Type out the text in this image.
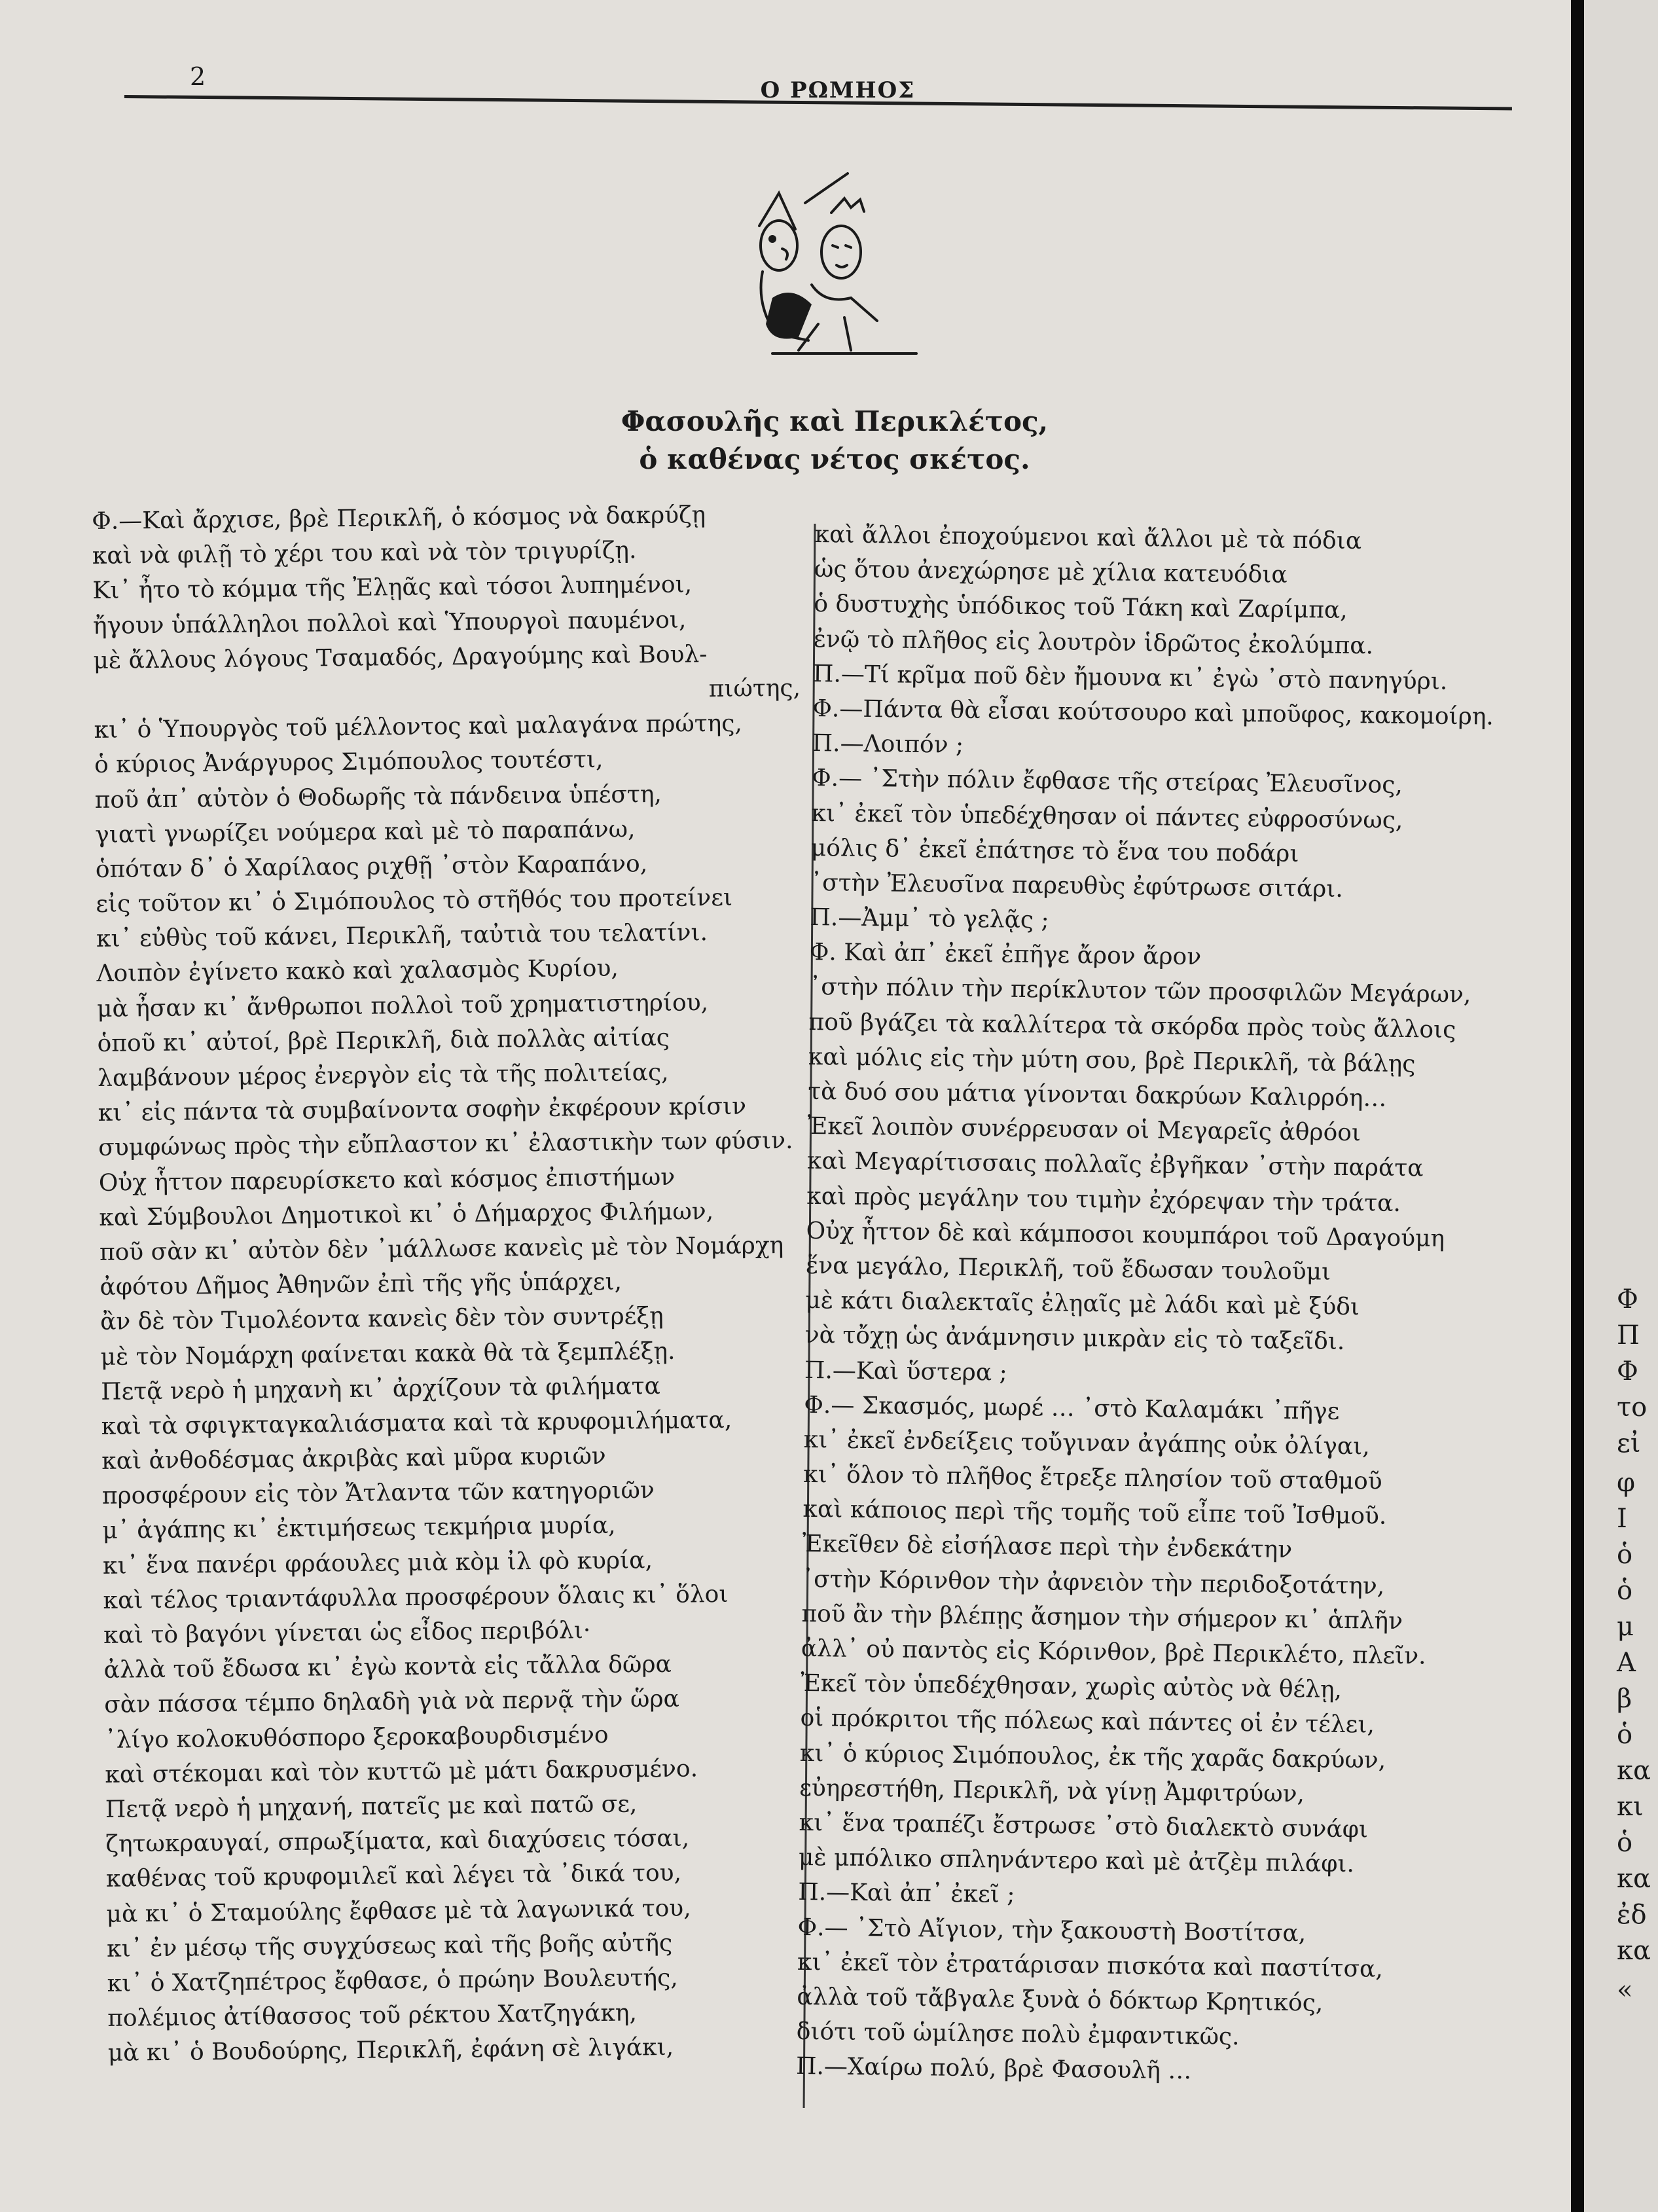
2	Ο ΡΩΜΗΟΣ
Φασουλῆς καὶ Περικλέτος,
ὁ καθένας νέτος σκέτος.
Φ.—Καὶ ἄρχισε, βρὲ Περικλῆ, ὁ κόσμος νὰ δακρύζῃ
καὶ νὰ φιλῇ τὸ χέρι του καὶ νὰ τὸν τριγυρίζῃ.
Κι᾽ ἦτο τὸ κόμμα τῆς Ἐλῃᾶς καὶ τόσοι λυπημένοι,
ἤγουν ὑπάλληλοι πολλοὶ καὶ Ὑπουργοὶ παυμένοι,
μὲ ἄλλους λόγους Τσαμαδός, Δραγούμης καὶ Βουλ-
πιώτης,
κι᾽ ὁ Ὑπουργὸς τοῦ μέλλοντος καὶ μαλαγάνα πρώτης,
ὁ κύριος Ἀνάργυρος Σιμόπουλος τουτέστι,
ποῦ ἀπ᾽ αὐτὸν ὁ Θοδωρῆς τὰ πάνδεινα ὑπέστη,
γιατὶ γνωρίζει νούμερα καὶ μὲ τὸ παραπάνω,
ὁπόταν δ᾽ ὁ Χαρίλαος ριχθῇ ᾽στὸν Καραπάνο,
εἰς τοῦτον κι᾽ ὁ Σιμόπουλος τὸ στῆθός του προτείνει
κι᾽ εὐθὺς τοῦ κάνει, Περικλῆ, ταὐτιὰ του τελατίνι.
Λοιπὸν ἐγίνετο κακὸ καὶ χαλασμὸς Κυρίου,
μὰ ἦσαν κι᾽ ἄνθρωποι πολλοὶ τοῦ χρηματιστηρίου,
ὁποῦ κι᾽ αὐτοί, βρὲ Περικλῆ, διὰ πολλὰς αἰτίας
λαμβάνουν μέρος ἐνεργὸν εἰς τὰ τῆς πολιτείας,
κι᾽ εἰς πάντα τὰ συμβαίνοντα σοφὴν ἐκφέρουν κρίσιν
συμφώνως πρὸς τὴν εὔπλαστον κι᾽ ἐλαστικὴν των φύσιν.
Οὐχ ἧττον παρευρίσκετο καὶ κόσμος ἐπιστήμων
καὶ Σύμβουλοι Δημοτικοὶ κι᾽ ὁ Δήμαρχος Φιλήμων,
ποῦ σὰν κι᾽ αὐτὸν δὲν ᾽μάλλωσε κανεὶς μὲ τὸν Νομάρχη
ἀφότου Δῆμος Ἀθηνῶν ἐπὶ τῆς γῆς ὑπάρχει,
ἂν δὲ τὸν Τιμολέοντα κανεὶς δὲν τὸν συντρέξῃ
μὲ τὸν Νομάρχη φαίνεται κακὰ θὰ τὰ ξεμπλέξῃ.
Πετᾷ νερὸ ἡ μηχανὴ κι᾽ ἀρχίζουν τὰ φιλήματα
καὶ τὰ σφιγκταγκαλιάσματα καὶ τὰ κρυφομιλήματα,
καὶ ἀνθοδέσμας ἀκριβὰς καὶ μῦρα κυριῶν
προσφέρουν εἰς τὸν Ἄτλαντα τῶν κατηγοριῶν
μ᾽ ἀγάπης κι᾽ ἐκτιμήσεως τεκμήρια μυρία,
κι᾽ ἕνα πανέρι φράουλες μιὰ κὸμ ἰλ φὸ κυρία,
καὶ τέλος τριαντάφυλλα προσφέρουν ὅλαις κι᾽ ὅλοι
καὶ τὸ βαγόνι γίνεται ὡς εἶδος περιβόλι·
ἀλλὰ τοῦ ἔδωσα κι᾽ ἐγὼ κοντὰ εἰς τἄλλα δῶρα
σὰν πάσσα τέμπο δηλαδὴ γιὰ νὰ περνᾷ τὴν ὥρα
᾽λίγο κολοκυθόσπορο ξεροκαβουρδισμένο
καὶ στέκομαι καὶ τὸν κυττῶ μὲ μάτι δακρυσμένο.
Πετᾷ νερὸ ἡ μηχανή, πατεῖς με καὶ πατῶ σε,
ζητωκραυγαί, σπρωξίματα, καὶ διαχύσεις τόσαι,
καθένας τοῦ κρυφομιλεῖ καὶ λέγει τὰ ᾽δικά του,
μὰ κι᾽ ὁ Σταμούλης ἔφθασε μὲ τὰ λαγωνικά του,
κι᾽ ἐν μέσῳ τῆς συγχύσεως καὶ τῆς βοῆς αὐτῆς
κι᾽ ὁ Χατζηπέτρος ἔφθασε, ὁ πρώην Βουλευτής,
πολέμιος ἀτίθασσος τοῦ ρέκτου Χατζηγάκη,
μὰ κι᾽ ὁ Βουδούρης, Περικλῆ, ἐφάνη σὲ λιγάκι,
καὶ ἄλλοι ἐποχούμενοι καὶ ἄλλοι μὲ τὰ πόδια
ὡς ὅτου ἀνεχώρησε μὲ χίλια κατευόδια
ὁ δυστυχὴς ὑπόδικος τοῦ Τάκη καὶ Ζαρίμπα,
ἐνῷ τὸ πλῆθος εἰς λουτρὸν ἱδρῶτος ἐκολύμπα.
Π.—Τί κρῖμα ποῦ δὲν ἤμουνα κι᾽ ἐγὼ ᾽στὸ πανηγύρι.
Φ.—Πάντα θὰ εἶσαι κούτσουρο καὶ μποῦφος, κακομοίρη.
Π.—Λοιπόν ;
Φ.— ᾽Στὴν πόλιν ἔφθασε τῆς στείρας Ἐλευσῖνος,
κι᾽ ἐκεῖ τὸν ὑπεδέχθησαν οἱ πάντες εὐφροσύνως,
μόλις δ᾽ ἐκεῖ ἐπάτησε τὸ ἕνα του ποδάρι
᾽στὴν Ἐλευσῖνα παρευθὺς ἐφύτρωσε σιτάρι.
Π.—Ἀμμ᾽ τὸ γελᾷς ;
Φ. Καὶ ἀπ᾽ ἐκεῖ ἐπῆγε ἄρον ἄρον
᾽στὴν πόλιν τὴν περίκλυτον τῶν προσφιλῶν Μεγάρων,
ποῦ βγάζει τὰ καλλίτερα τὰ σκόρδα πρὸς τοὺς ἄλλοις
καὶ μόλις εἰς τὴν μύτη σου, βρὲ Περικλῆ, τὰ βάλῃς
τὰ δυό σου μάτια γίνονται δακρύων Καλιρρόη…
Ἐκεῖ λοιπὸν συνέρρευσαν οἱ Μεγαρεῖς ἀθρόοι
καὶ Μεγαρίτισσαις πολλαῖς ἐβγῆκαν ᾽στὴν παράτα
καὶ πρὸς μεγάλην του τιμὴν ἐχόρεψαν τὴν τράτα.
Οὐχ ἧττον δὲ καὶ κάμποσοι κουμπάροι τοῦ Δραγούμη
ἕνα μεγάλο, Περικλῆ, τοῦ ἔδωσαν τουλοῦμι
μὲ κάτι διαλεκταῖς ἐλῃαῖς μὲ λάδι καὶ μὲ ξύδι
νὰ τὄχῃ ὡς ἀνάμνησιν μικρὰν εἰς τὸ ταξεῖδι.
Π.—Καὶ ὕστερα ;
Φ.— Σκασμός, μωρέ … ᾽στὸ Καλαμάκι ᾽πῆγε
κι᾽ ἐκεῖ ἐνδείξεις τοὔγιναν ἀγάπης οὐκ ὀλίγαι,
κι᾽ ὅλον τὸ πλῆθος ἔτρεξε πλησίον τοῦ σταθμοῦ
καὶ κάποιος περὶ τῆς τομῆς τοῦ εἶπε τοῦ Ἰσθμοῦ.
Ἐκεῖθεν δὲ εἰσήλασε περὶ τὴν ἐνδεκάτην
᾽στὴν Κόρινθον τὴν ἀφνειὸν τὴν περιδοξοτάτην,
ποῦ ἂν τὴν βλέπῃς ἄσημον τὴν σήμερον κι᾽ ἁπλῆν
ἀλλ᾽ οὐ παντὸς εἰς Κόρινθον, βρὲ Περικλέτο, πλεῖν.
Ἐκεῖ τὸν ὑπεδέχθησαν, χωρὶς αὐτὸς νὰ θέλῃ,
οἱ πρόκριτοι τῆς πόλεως καὶ πάντες οἱ ἐν τέλει,
κι᾽ ὁ κύριος Σιμόπουλος, ἐκ τῆς χαρᾶς δακρύων,
εὐηρεστήθη, Περικλῆ, νὰ γίνῃ Ἀμφιτρύων,
κι᾽ ἕνα τραπέζι ἔστρωσε ᾽στὸ διαλεκτὸ συνάφι
μὲ μπόλικο σπληνάντερο καὶ μὲ ἀτζὲμ πιλάφι.
Π.—Καὶ ἀπ᾽ ἐκεῖ ;
Φ.— ᾽Στὸ Αἴγιον, τὴν ξακουστὴ Βοστίτσα,
κι᾽ ἐκεῖ τὸν ἐτρατάρισαν πισκότα καὶ παστίτσα,
ἀλλὰ τοῦ τἄβγαλε ξυνὰ ὁ δόκτωρ Κρητικός,
διότι τοῦ ὡμίλησε πολὺ ἐμφαντικῶς.
Π.—Χαίρω πολύ, βρὲ Φασουλῆ …
Φ
Π
Φ
το
εἰ
φ
Ι
ὁ
ὁ
μ
Α
β
ὁ
κα
κι
ὁ
κα
ἐδ
κα
«
